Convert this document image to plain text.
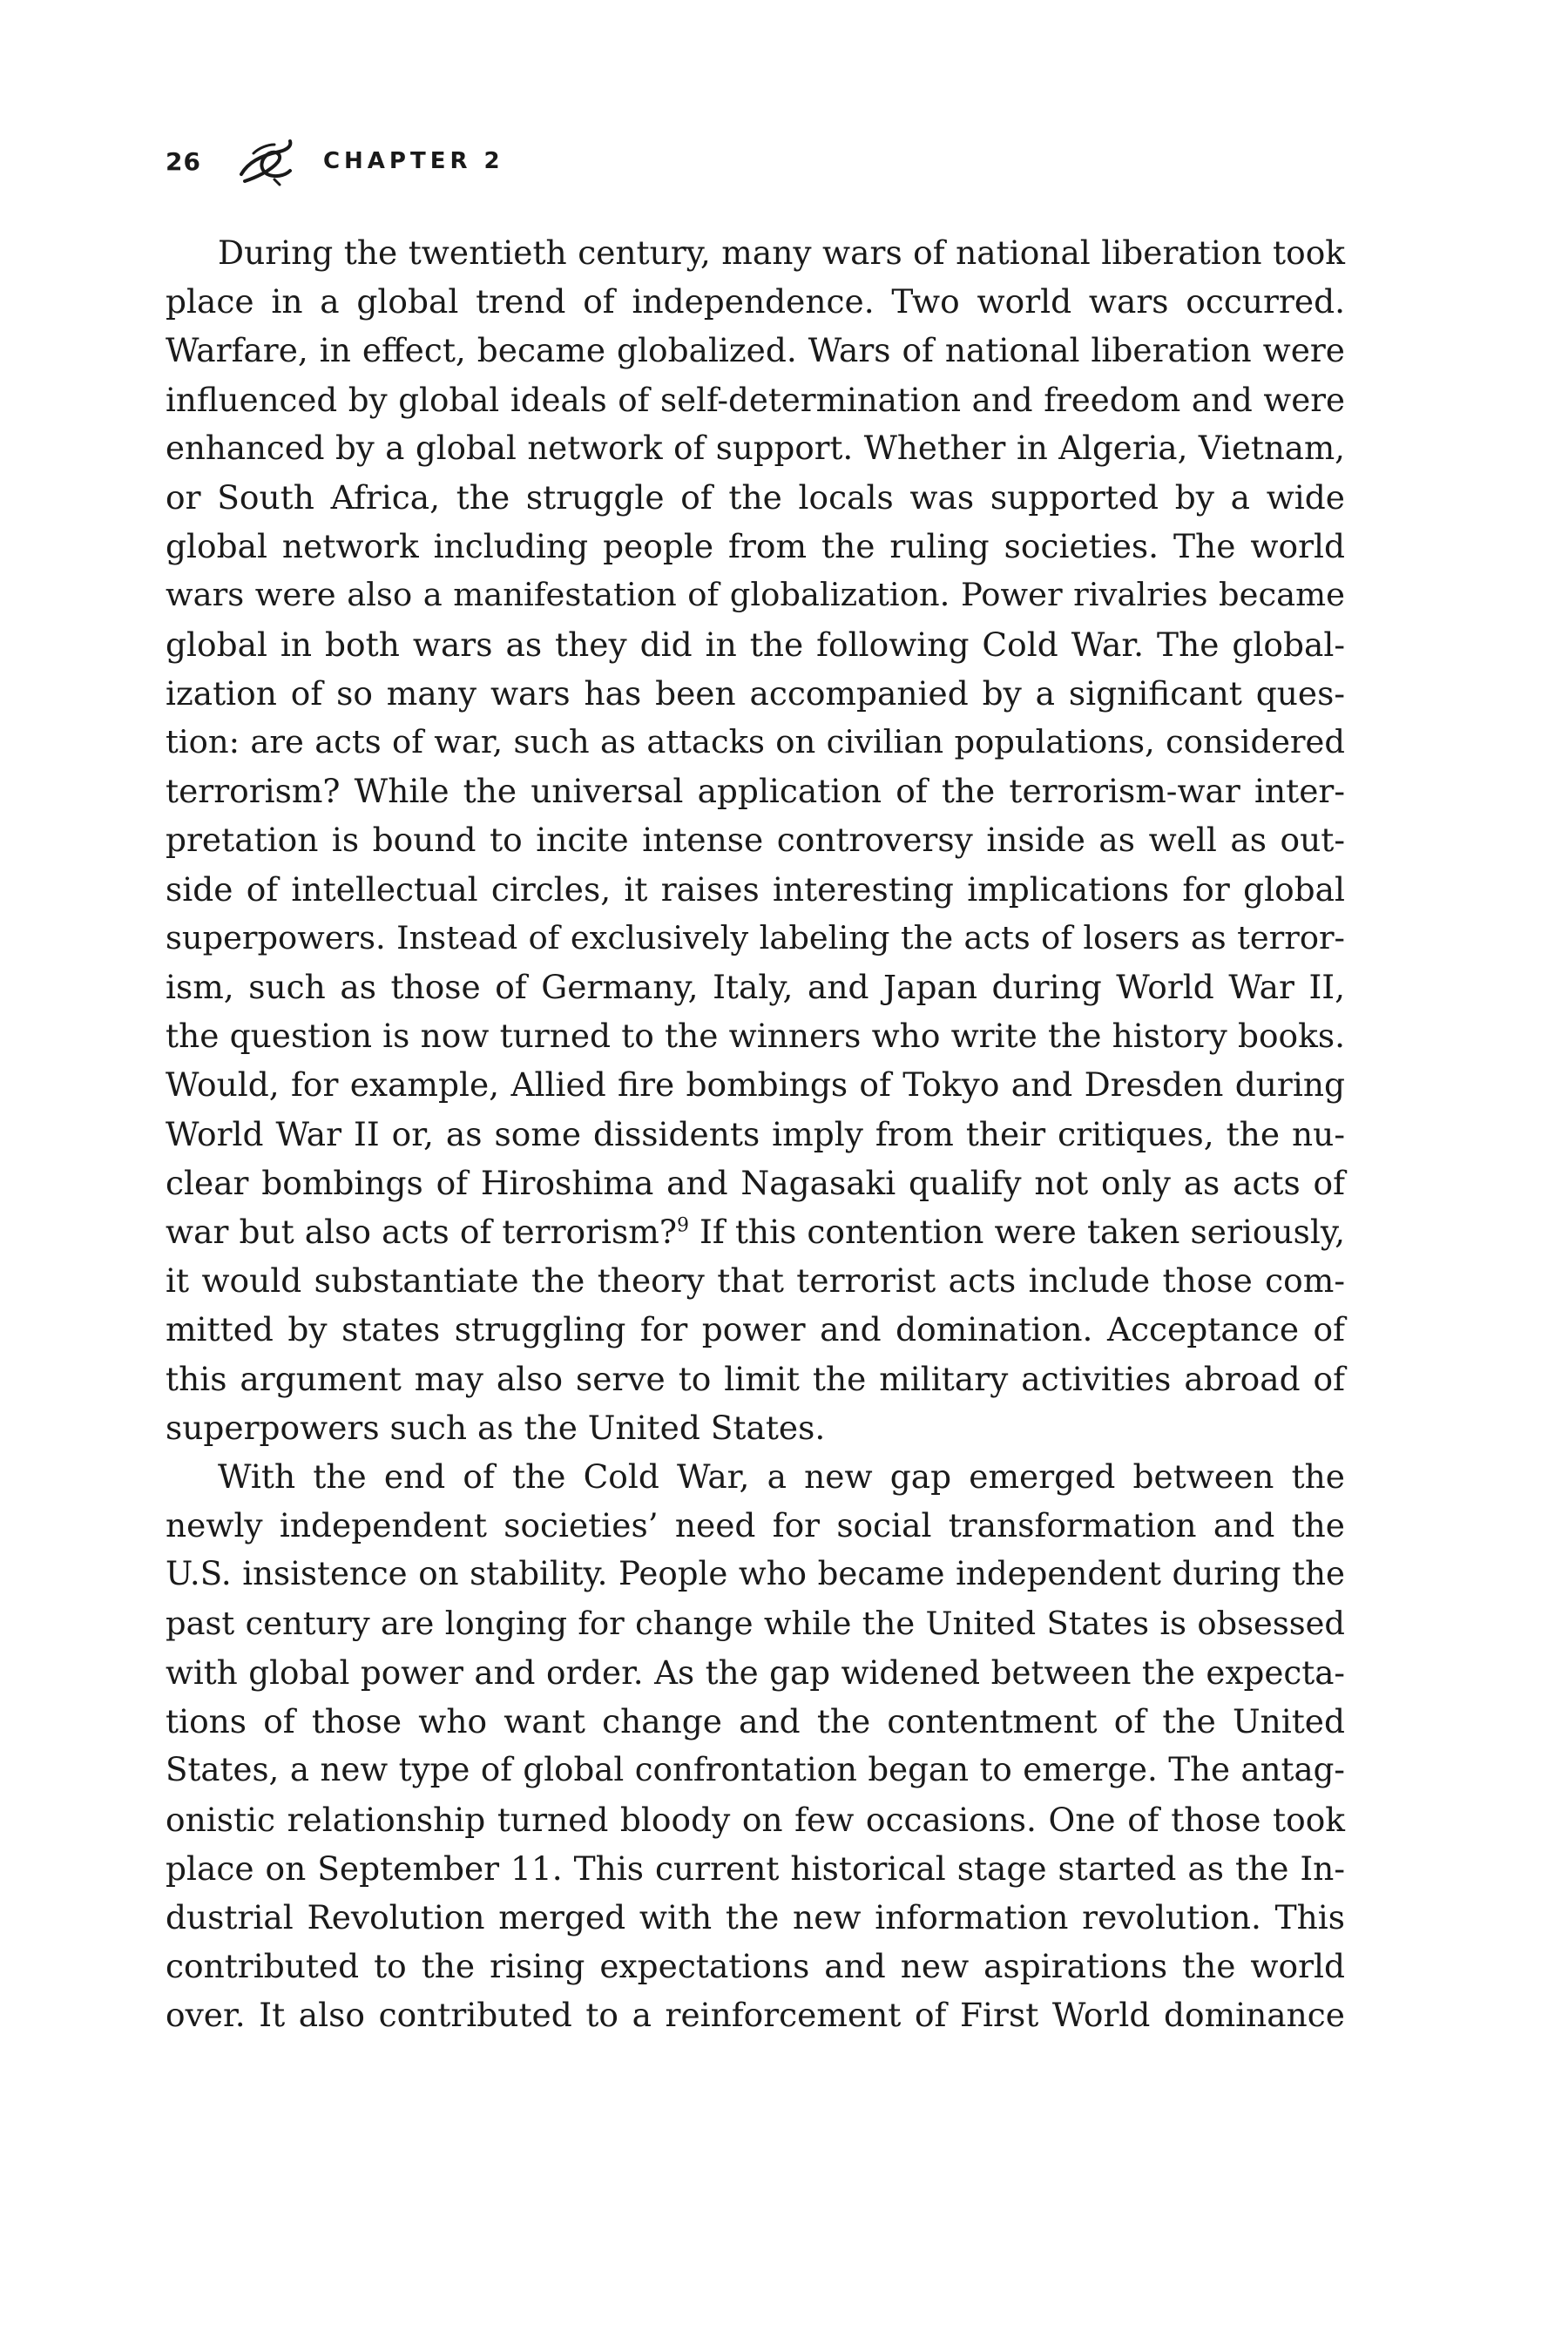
26	CHAPTER 2
During the twentieth century, many wars of national liberation took
place in a global trend of independence. Two world wars occurred.
Warfare, in effect, became globalized. Wars of national liberation were
influenced by global ideals of self-determination and freedom and were
enhanced by a global network of support. Whether in Algeria, Vietnam,
or South Africa, the struggle of the locals was supported by a wide
global network including people from the ruling societies. The world
wars were also a manifestation of globalization. Power rivalries became
global in both wars as they did in the following Cold War. The global-
ization of so many wars has been accompanied by a significant ques-
tion: are acts of war, such as attacks on civilian populations, considered
terrorism? While the universal application of the terrorism-war inter-
pretation is bound to incite intense controversy inside as well as out-
side of intellectual circles, it raises interesting implications for global
superpowers. Instead of exclusively labeling the acts of losers as terror-
ism, such as those of Germany, Italy, and Japan during World War II,
the question is now turned to the winners who write the history books.
Would, for example, Allied fire bombings of Tokyo and Dresden during
World War II or, as some dissidents imply from their critiques, the nu-
clear bombings of Hiroshima and Nagasaki qualify not only as acts of
war but also acts of terrorism?$^9$ If this contention were taken seriously,
it would substantiate the theory that terrorist acts include those com-
mitted by states struggling for power and domination. Acceptance of
this argument may also serve to limit the military activities abroad of
superpowers such as the United States.
With the end of the Cold War, a new gap emerged between the
newly independent societies’ need for social transformation and the
U.S. insistence on stability. People who became independent during the
past century are longing for change while the United States is obsessed
with global power and order. As the gap widened between the expecta-
tions of those who want change and the contentment of the United
States, a new type of global confrontation began to emerge. The antag-
onistic relationship turned bloody on few occasions. One of those took
place on September 11. This current historical stage started as the In-
dustrial Revolution merged with the new information revolution. This
contributed to the rising expectations and new aspirations the world
over. It also contributed to a reinforcement of First World dominance
